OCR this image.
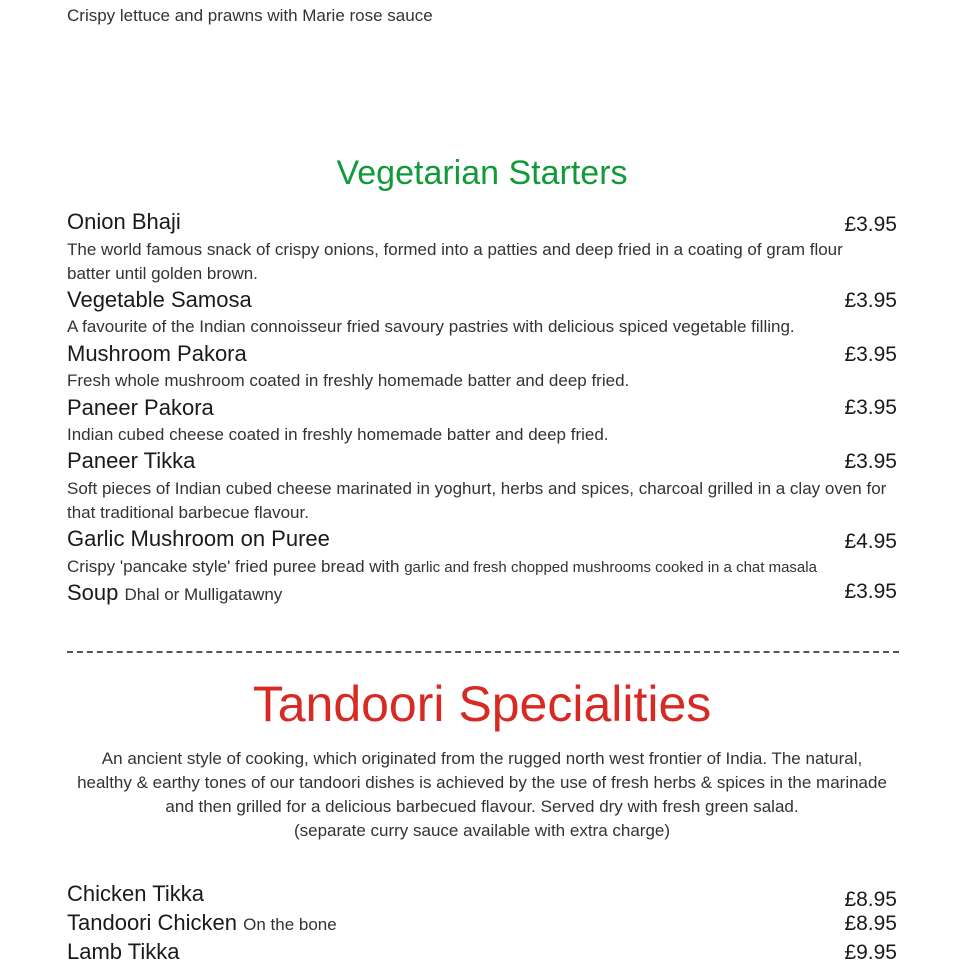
Crispy lettuce and prawns with Marie rose sauce
Vegetarian Starters
Onion Bhaji	£3.95
The world famous snack of crispy onions, formed into a patties and deep fried in a coating of gram flour
batter until golden brown.
Vegetable Samosa	£3.95
A favourite of the Indian connoisseur fried savoury pastries with delicious spiced vegetable filling.
Mushroom Pakora	£3.95
Fresh whole mushroom coated in freshly homemade batter and deep fried.
Paneer Pakora	£3.95
Indian cubed cheese coated in freshly homemade batter and deep fried.
Paneer Tikka	£3.95
Soft pieces of Indian cubed cheese marinated in yoghurt, herbs and spices, charcoal grilled in a clay oven for
that traditional barbecue flavour.
Garlic Mushroom on Puree	£4.95
Crispy 'pancake style' fried puree bread with garlic and fresh chopped mushrooms cooked in a chat masala
Soup Dhal or Mulligatawny	£3.95
Tandoori Specialities
An ancient style of cooking, which originated from the rugged north west frontier of India. The natural,
healthy & earthy tones of our tandoori dishes is achieved by the use of fresh herbs & spices in the marinade
and then grilled for a delicious barbecued flavour. Served dry with fresh green salad.
(separate curry sauce available with extra charge)
Chicken Tikka	£8.95
Tandoori Chicken On the bone	£8.95
Lamb Tikka	£9.95
